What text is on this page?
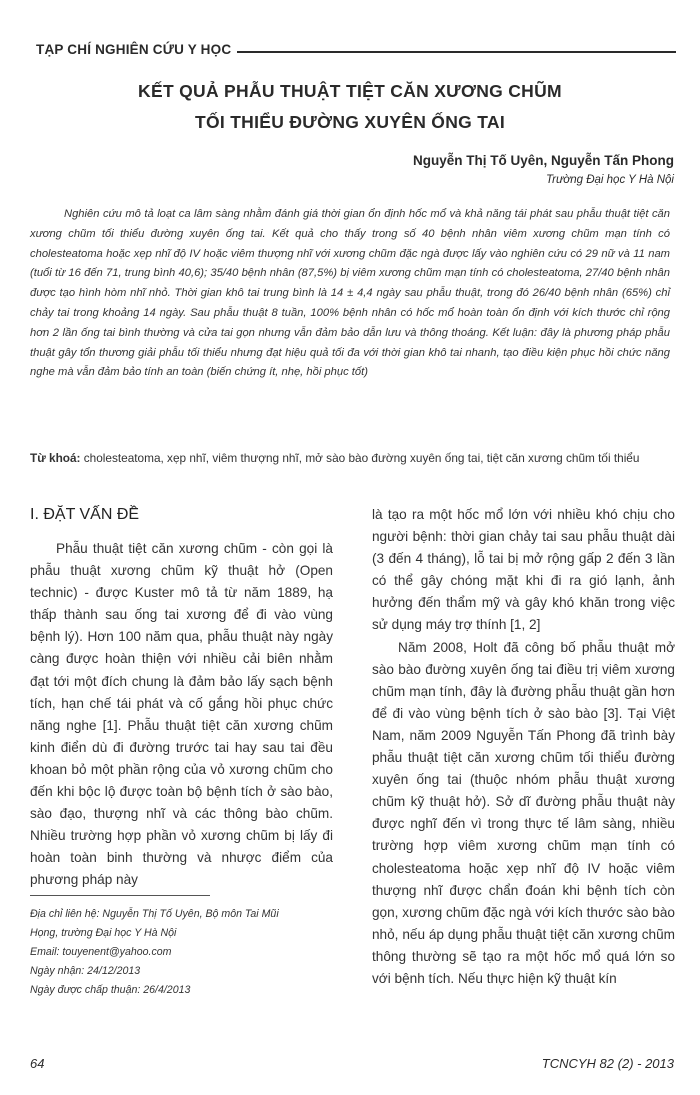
TẠP CHÍ NGHIÊN CỨU Y HỌC
KẾT QUẢ PHẪU THUẬT TIỆT CĂN XƯƠNG CHŨM
TỐI THIỂU ĐƯỜNG XUYÊN ỐNG TAI
Nguyễn Thị Tố Uyên, Nguyễn Tấn Phong
Trường Đại học Y Hà Nội

Nghiên cứu mô tả loạt ca lâm sàng nhằm đánh giá thời gian ổn định hốc mổ và khả năng tái phát sau phẫu thuật tiệt căn xương chũm tối thiểu đường xuyên ống tai. Kết quả cho thấy trong số 40 bệnh nhân viêm xương chũm mạn tính có cholesteatoma hoặc xẹp nhĩ độ IV hoặc viêm thượng nhĩ với xương chũm đặc ngà được lấy vào nghiên cứu có 29 nữ và 11 nam (tuổi từ 16 đến 71, trung bình 40,6); 35/40 bệnh nhân (87,5%) bị viêm xương chũm mạn tính có cholesteatoma, 27/40 bệnh nhân được tạo hình hòm nhĩ nhỏ. Thời gian khô tai trung bình là 14 ± 4,4 ngày sau phẫu thuật, trong đó 26/40 bệnh nhân (65%) chỉ chảy tai trong khoảng 14 ngày. Sau phẫu thuật 8 tuần, 100% bệnh nhân có hốc mổ hoàn toàn ổn định với kích thước chỉ rộng hơn 2 lần ống tai bình thường và cửa tai gọn nhưng vẫn đảm bảo dẫn lưu và thông thoáng. Kết luận: đây là phương pháp phẫu thuật gây tổn thương giải phẫu tối thiểu nhưng đạt hiệu quả tối đa với thời gian khô tai nhanh, tạo điều kiện phục hồi chức năng nghe mà vẫn đảm bảo tính an toàn (biến chứng ít, nhẹ, hồi phục tốt)

Từ khoá: cholesteatoma, xẹp nhĩ, viêm thượng nhĩ, mở sào bào đường xuyên ống tai, tiệt căn xương chũm tối thiểu

I. ĐẶT VẤN ĐỀ

Phẫu thuật tiệt căn xương chũm - còn gọi là phẫu thuật xương chũm kỹ thuật hở (Open technic) - được Kuster mô tả từ năm 1889, hạ thấp thành sau ống tai xương để đi vào vùng bệnh lý). Hơn 100 năm qua, phẫu thuật này ngày càng được hoàn thiện với nhiều cải biên nhằm đạt tới một đích chung là đảm bảo lấy sạch bệnh tích, hạn chế tái phát và cố gắng hồi phục chức năng nghe [1]. Phẫu thuật tiệt căn xương chũm kinh điển dù đi đường trước tai hay sau tai đều khoan bỏ một phần rộng của vỏ xương chũm cho đến khi bộc lộ được toàn bộ bệnh tích ở sào bào, sào đạo, thượng nhĩ và các thông bào chũm. Nhiều trường hợp phần vỏ xương chũm bị lấy đi hoàn toàn binh thường và nhược điểm của phương pháp này

là tạo ra một hốc mổ lớn với nhiều khó chịu cho người bệnh: thời gian chảy tai sau phẫu thuật dài (3 đến 4 tháng), lỗ tai bị mở rộng gấp 2 đến 3 lần có thể gây chóng mặt khi đi ra gió lạnh, ảnh hưởng đến thẩm mỹ và gây khó khăn trong việc sử dụng máy trợ thính [1, 2]

Năm 2008, Holt đã công bố phẫu thuật mở sào bào đường xuyên ống tai điều trị viêm xương chũm mạn tính, đây là đường phẫu thuật gần hơn để đi vào vùng bệnh tích ở sào bào [3]. Tại Việt Nam, năm 2009 Nguyễn Tấn Phong đã trình bày phẫu thuật tiệt căn xương chũm tối thiểu đường xuyên ống tai (thuộc nhóm phẫu thuật xương chũm kỹ thuật hở). Sở dĩ đường phẫu thuật này được nghĩ đến vì trong thực tế lâm sàng, nhiều trường hợp viêm xương chũm mạn tính có cholesteatoma hoặc xẹp nhĩ độ IV hoặc viêm thượng nhĩ được chẩn đoán khi bệnh tích còn gọn, xương chũm đặc ngà với kích thước sào bào nhỏ, nếu áp dụng phẫu thuật tiệt căn xương chũm thông thường sẽ tạo ra một hốc mổ quá lớn so với bệnh tích. Nếu thực hiện kỹ thuật kín

Địa chỉ liên hệ: Nguyễn Thị Tố Uyên, Bộ môn Tai Mũi
Họng, trường Đại học Y Hà Nội
Email: touyenent@yahoo.com
Ngày nhận: 24/12/2013
Ngày được chấp thuận: 26/4/2013
64	TCNCYH 82 (2) - 2013
